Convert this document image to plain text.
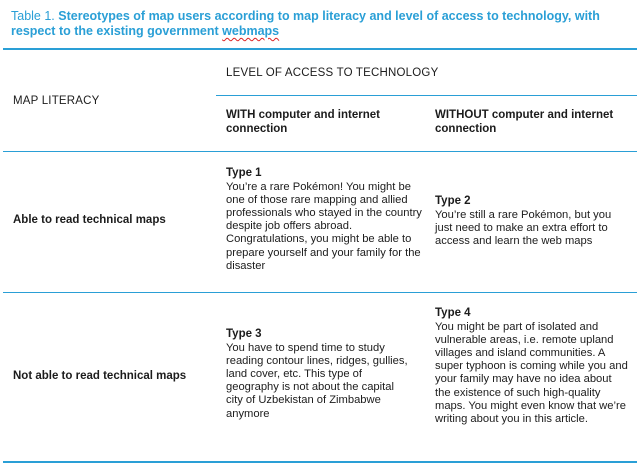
Table 1. Stereotypes of map users according to map literacy and level of access to technology, with respect to the existing government webmaps
MAP LITERACY
LEVEL OF ACCESS TO TECHNOLOGY
WITH computer and internet connection
WITHOUT computer and internet connection
Able to read technical maps
Type 1
You’re a rare Pokémon! You might be one of those rare mapping and allied professionals who stayed in the country despite job offers abroad. Congratulations, you might be able to prepare yourself and your family for the disaster
Type 2
You’re still a rare Pokémon, but you just need to make an extra effort to access and learn the web maps
Not able to read technical maps
Type 3
You have to spend time to study reading contour lines, ridges, gullies, land cover, etc. This type of geography is not about the capital city of Uzbekistan of Zimbabwe anymore
Type 4
You might be part of isolated and vulnerable areas, i.e. remote upland villages and island communities. A super typhoon is coming while you and your family may have no idea about the existence of such high-quality maps. You might even know that we’re writing about you in this article.
